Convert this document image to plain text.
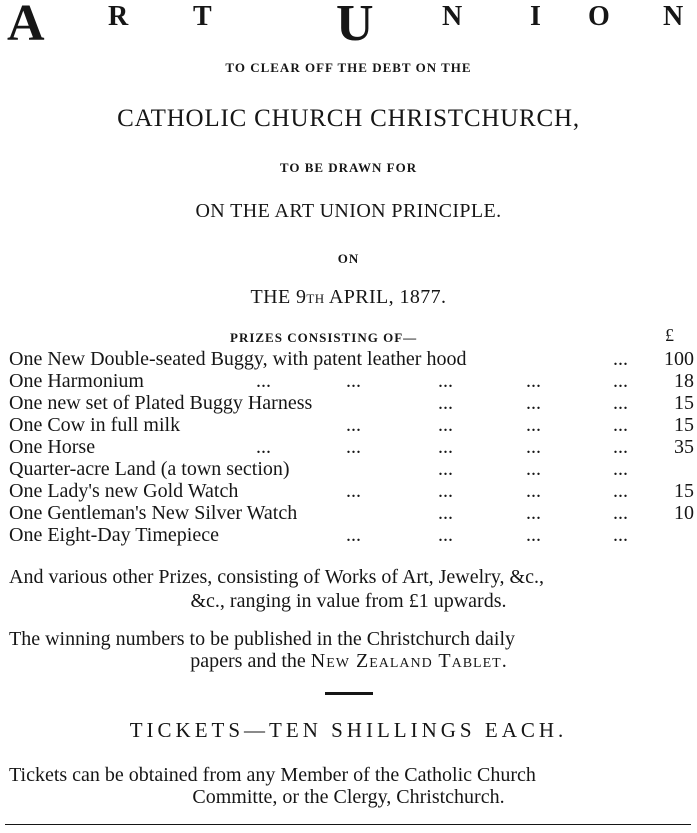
A R T U N I O N
TO CLEAR OFF THE DEBT ON THE
CATHOLIC CHURCH CHRISTCHURCH,
TO BE DRAWN FOR
ON THE ART UNION PRINCIPLE.
ON
THE 9TH APRIL, 1877.
PRIZES CONSISTING OF—	£
One New Double-seated Buggy, with patent leather hood	... 100
One Harmonium	...	...	...	...	... 18
One new set of Plated Buggy Harness	...	...	... 15
One Cow in full milk	...	...	...	... 15
One Horse	...	...	...	...	... 35
Quarter-acre Land (a town section)	...	...	...
One Lady's new Gold Watch	...	...	...	... 15
One Gentleman's New Silver Watch	...	...	... 10
One Eight-Day Timepiece	...	...	...	...
And various other Prizes, consisting of Works of Art, Jewelry, &c.,
&c., ranging in value from £1 upwards.
The winning numbers to be published in the Christchurch daily
papers and the New Zealand Tablet.
TICKETS—TEN SHILLINGS EACH.
Tickets can be obtained from any Member of the Catholic Church
Committe, or the Clergy, Christchurch.
